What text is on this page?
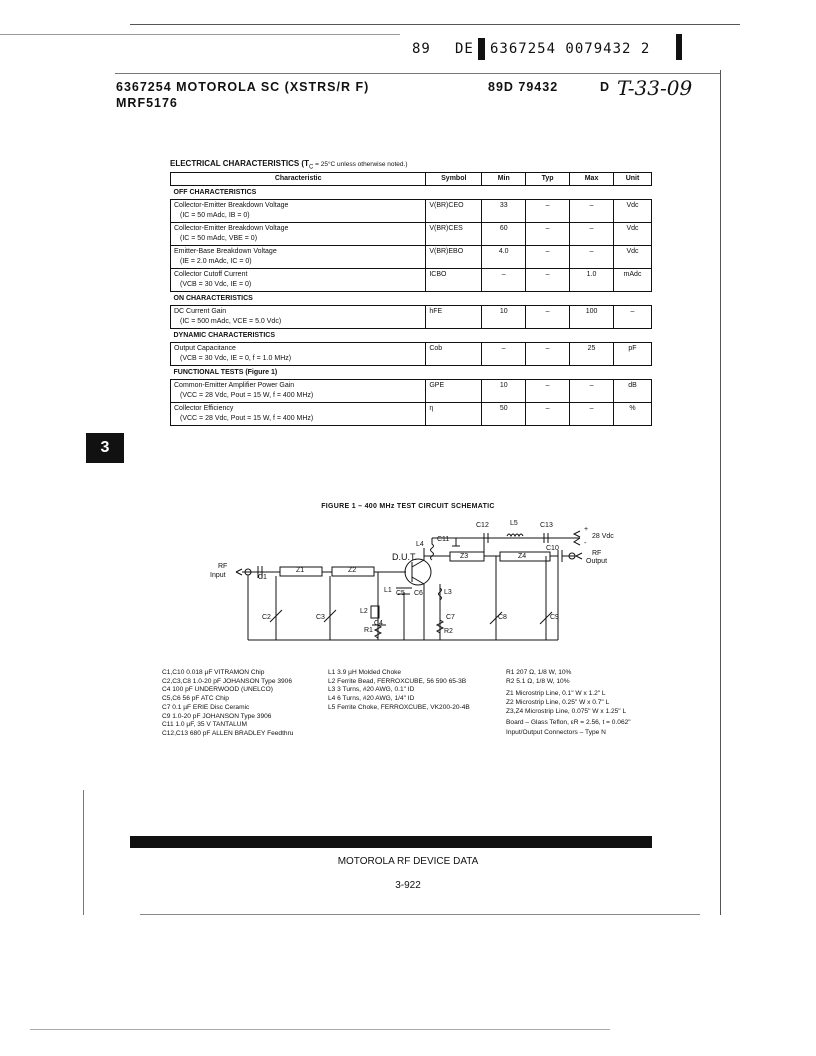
89 DE 6367254 0079432 2
6367254 MOTOROLA SC (XSTRS/R F)	89D 79432	D T-33-09
MRF5176
3
ELECTRICAL CHARACTERISTICS ($T_C = 25^\circ C$ unless otherwise noted.)
Characteristic	Symbol	Min	Typ	Max	Unit
OFF CHARACTERISTICS					

Collector-Emitter Breakdown Voltage
(IC = 50 mAdc, IB = 0)	V(BR)CEO	33	–	–	Vdc

Collector-Emitter Breakdown Voltage
(IC = 50 mAdc, VBE = 0)	V(BR)CES	60	–	–	Vdc

Emitter-Base Breakdown Voltage
(IE = 2.0 mAdc, IC = 0)	V(BR)EBO	4.0	–	–	Vdc

Collector Cutoff Current
(VCB = 30 Vdc, IE = 0)	ICBO	–	–	1.0	mAdc
ON CHARACTERISTICS					

DC Current Gain
(IC = 500 mAdc, VCE = 5.0 Vdc)	hFE	10	–	100	–
DYNAMIC CHARACTERISTICS					

Output Capacitance
(VCB = 30 Vdc, IE = 0, f = 1.0 MHz)	Cob	–	–	25	pF
FUNCTIONAL TESTS (Figure 1)					

Common-Emitter Amplifier Power Gain
(VCC = 28 Vdc, Pout = 15 W, f = 400 MHz)	GPE	10	–	–	dB

Collector Efficiency
(VCC = 28 Vdc, Pout = 15 W, f = 400 MHz)	η	50	–	–	%
FIGURE 1 – 400 MHz TEST CIRCUIT SCHEMATIC
RF
Input	C1
Z1	Z2
D.U.T.
C11
L4
C12	L5	C13
+
-
28 Vdc
C10
Z3	Z4	RF
Output
L1 C5 C6	L3
L2
C4
R1
C2	C3	C7
R2
C8	C9
C1,C10 0.018 µF VITRAMON Chip
C2,C3,C8 1.0-20 pF JOHANSON Type 3906
C4 100 pF UNDERWOOD (UNELCO)
C5,C6 56 pF ATC Chip
C7 0.1 µF ERIE Disc Ceramic
C9 1.0-20 pF JOHANSON Type 3906
C11 1.0 µF, 35 V TANTALUM
C12,C13 680 pF ALLEN BRADLEY Feedthru
L1 3.9 µH Molded Choke
L2 Ferrite Bead, FERROXCUBE, 56 590 65-3B
L3 3 Turns, #20 AWG, 0.1" ID
L4 6 Turns, #20 AWG, 1/4" ID
L5 Ferrite Choke, FERROXCUBE, VK200-20-4B
R1 207 Ω, 1/8 W, 10%
R2 5.1 Ω, 1/8 W, 10%
Z1 Microstrip Line, 0.1" W x 1.2" L
Z2 Microstrip Line, 0.25" W x 0.7" L
Z3,Z4 Microstrip Line, 0.075" W x 1.25" L
Board – Glass Teflon, εR = 2.56, t = 0.062"
Input/Output Connectors – Type N
MOTOROLA RF DEVICE DATA
3-922
